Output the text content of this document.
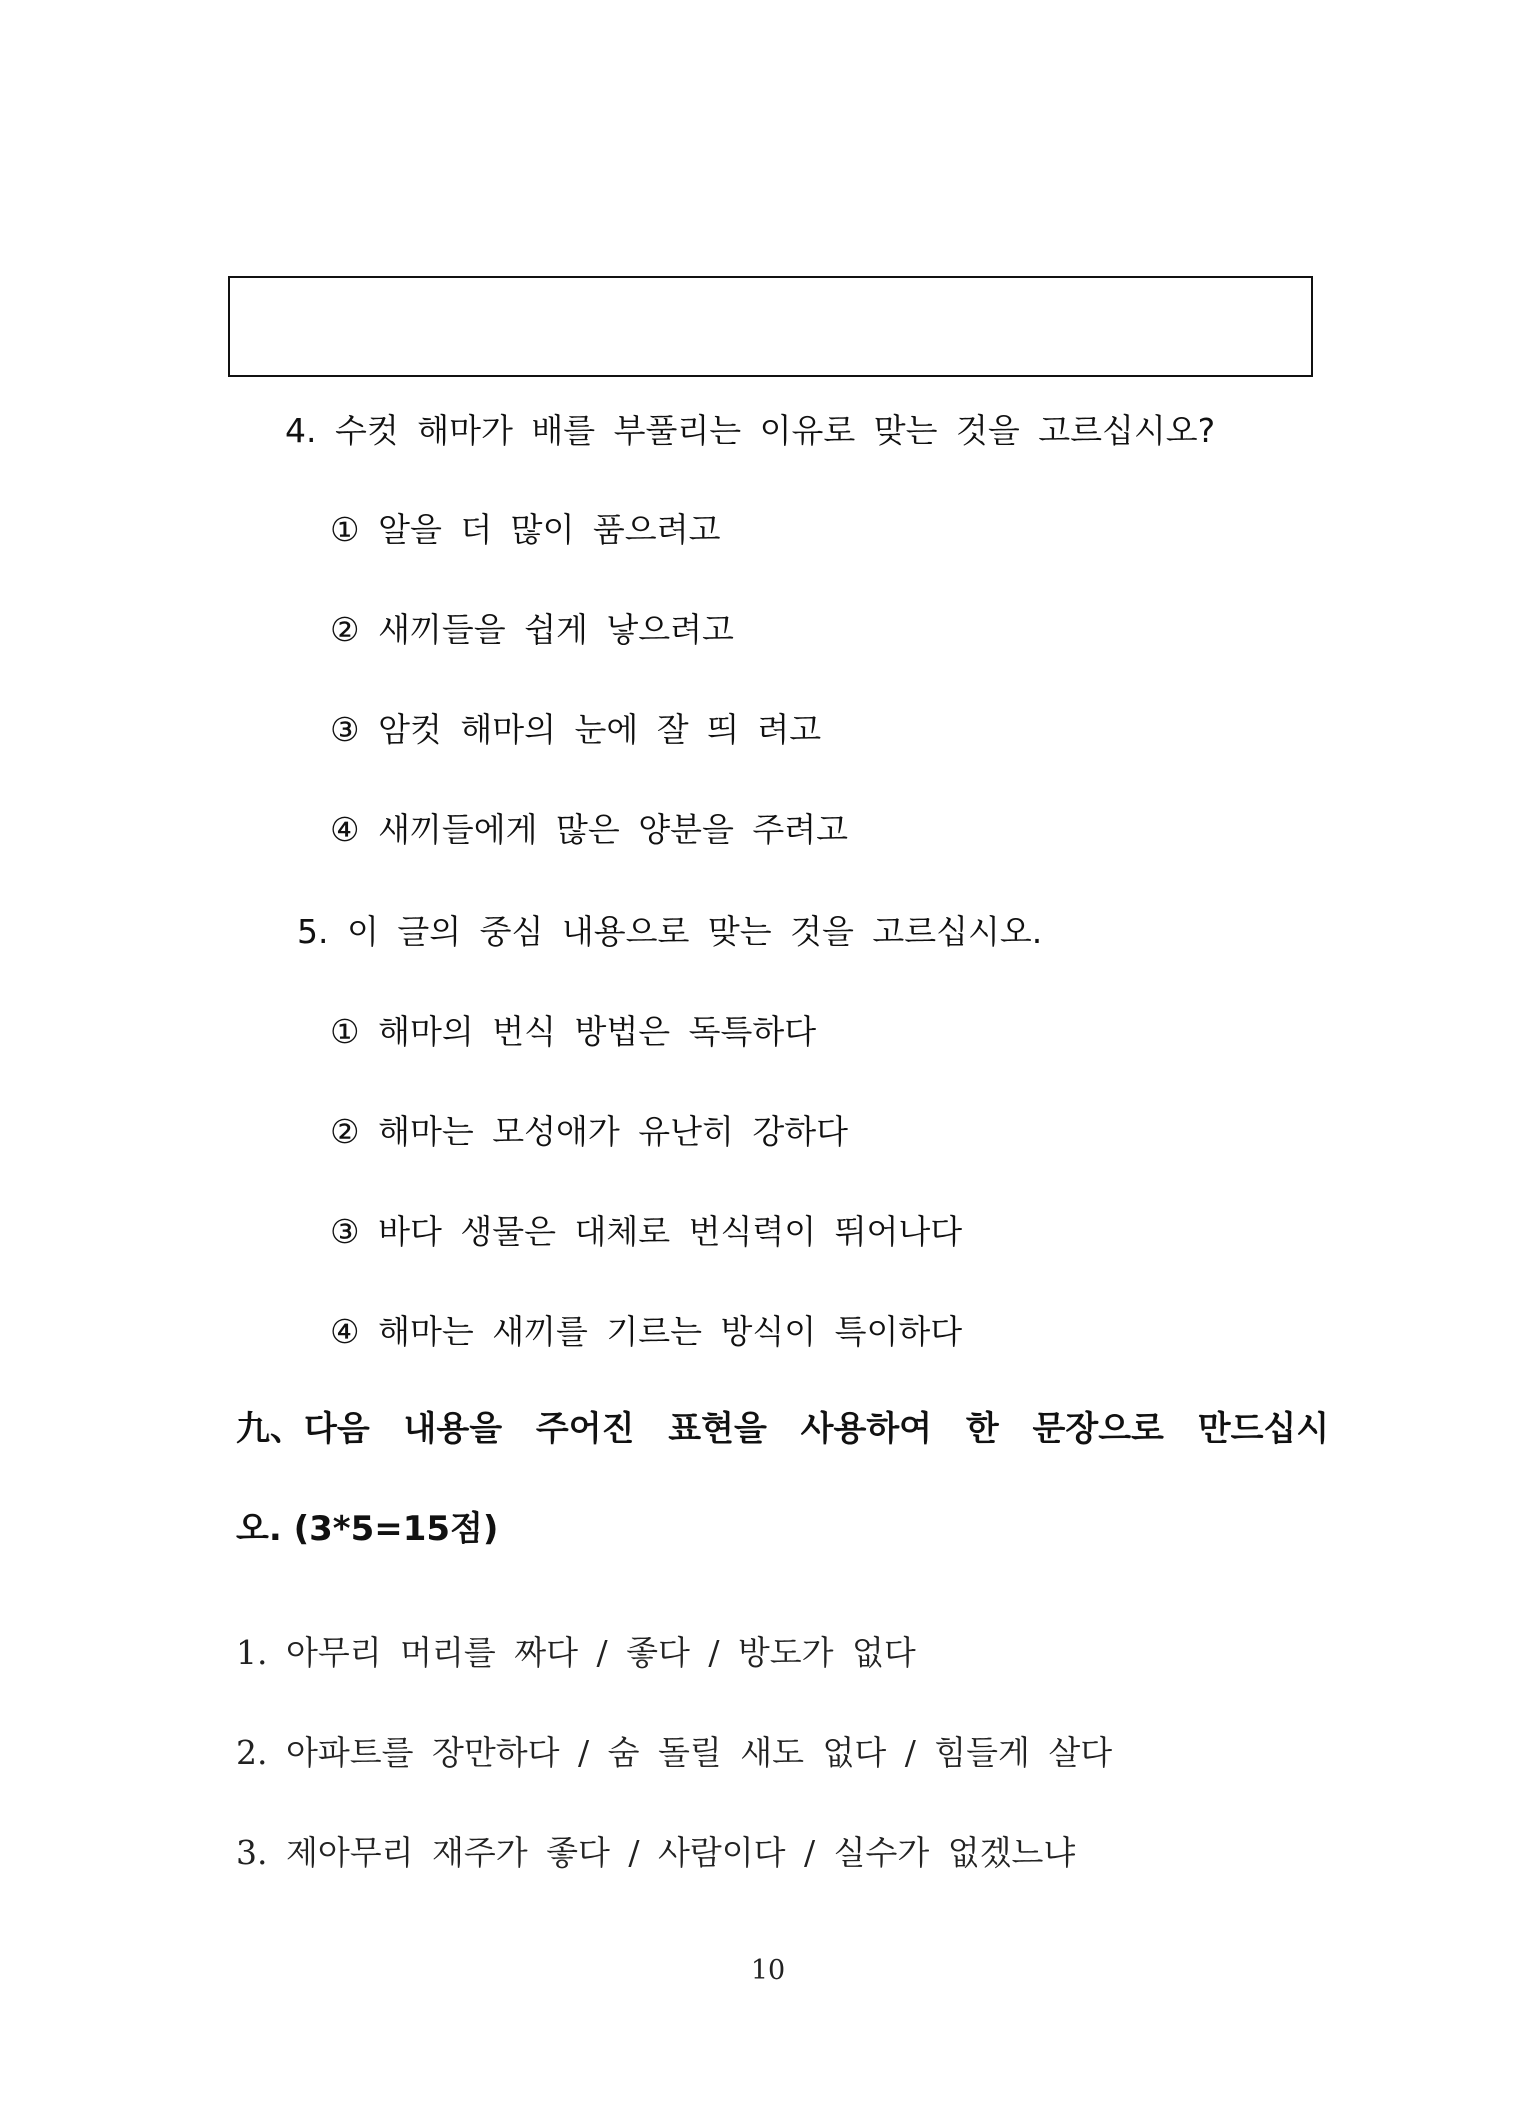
4. 수컷 해마가 배를 부풀리는 이유로 맞는 것을 고르십시오?
① 알을 더 많이 품으려고
② 새끼들을 쉽게 낳으려고
③ 암컷 해마의 눈에 잘 띄 려고
④ 새끼들에게 많은 양분을 주려고
5. 이 글의 중심 내용으로 맞는 것을 고르십시오.
① 해마의 번식 방법은 독특하다
② 해마는 모성애가 유난히 강하다
③ 바다 생물은 대체로 번식력이 뛰어나다
④ 해마는 새끼를 기르는 방식이 특이하다
九、다음 내용을 주어진 표현을 사용하여 한 문장으로 만드십시
오. (3*5=15점)
1. 아무리 머리를 짜다 / 좋다 / 방도가 없다
2. 아파트를 장만하다 / 숨 돌릴 새도 없다 / 힘들게 살다
3. 제아무리 재주가 좋다 / 사람이다 / 실수가 없겠느냐
10
